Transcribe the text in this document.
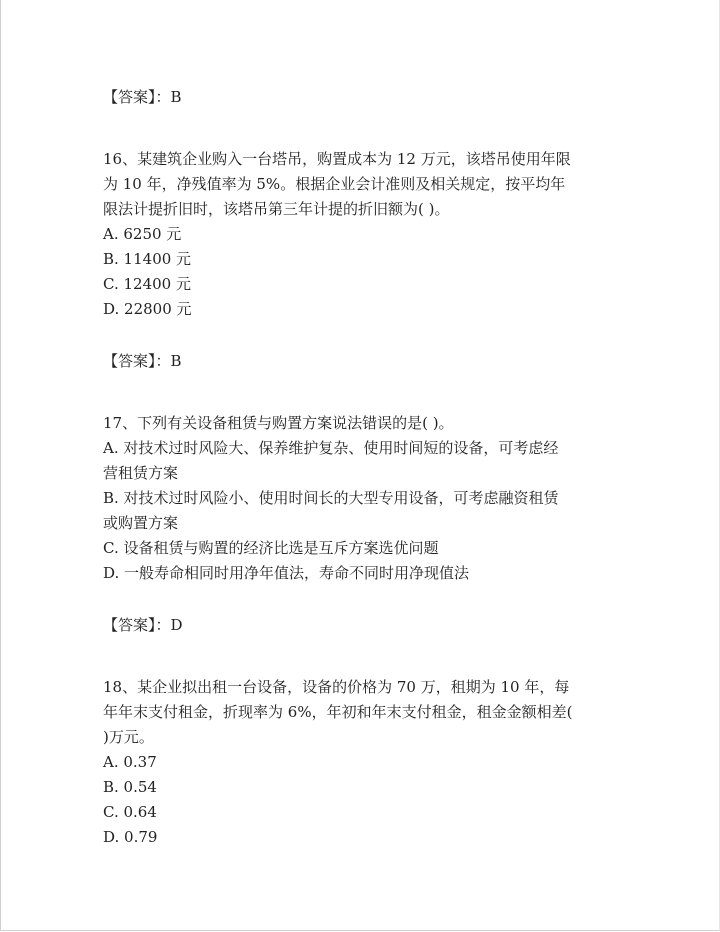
【答案】：B
16、某建筑企业购入一台塔吊，购置成本为 12 万元，该塔吊使用年限
为 10 年，净残值率为 5%。根据企业会计准则及相关规定，按平均年
限法计提折旧时，该塔吊第三年计提的折旧额为( )。
A. 6250 元
B. 11400 元
C. 12400 元
D. 22800 元
【答案】：B
17、下列有关设备租赁与购置方案说法错误的是( )。
A. 对技术过时风险大、保养维护复杂、使用时间短的设备，可考虑经
营租赁方案
B. 对技术过时风险小、使用时间长的大型专用设备，可考虑融资租赁
或购置方案
C. 设备租赁与购置的经济比选是互斥方案选优问题
D. 一般寿命相同时用净年值法，寿命不同时用净现值法
【答案】：D
18、某企业拟出租一台设备，设备的价格为 70 万，租期为 10 年，每
年年末支付租金，折现率为 6%，年初和年末支付租金，租金金额相差(
)万元。
A. 0.37
B. 0.54
C. 0.64
D. 0.79
